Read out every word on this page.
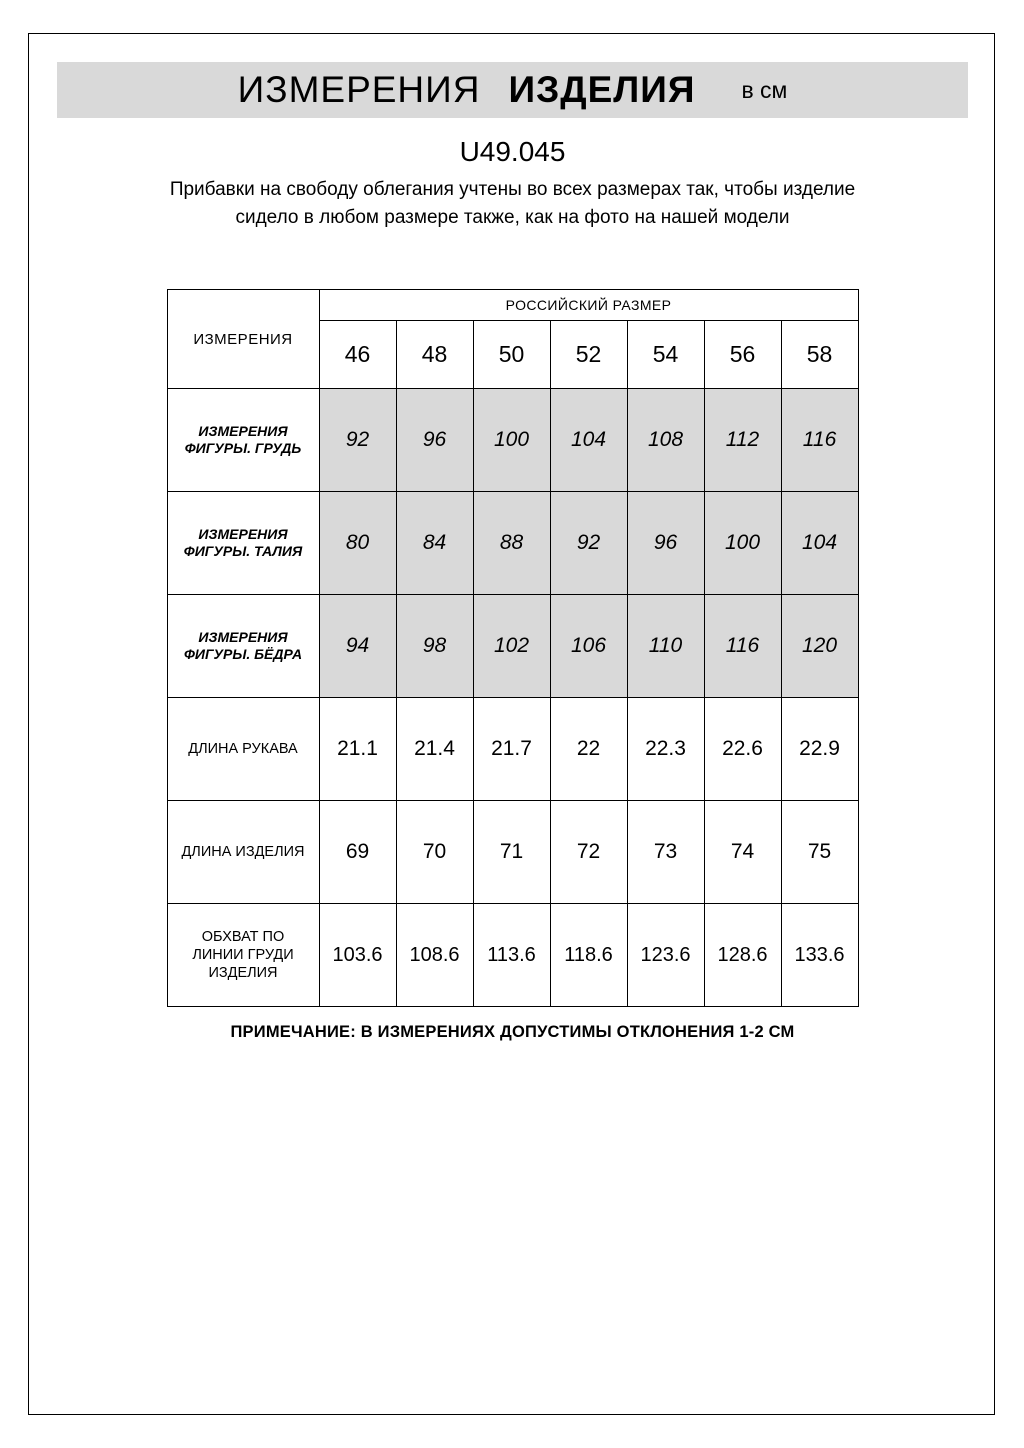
ИЗМЕРЕНИЯ ИЗДЕЛИЯ	в см
U49.045
Прибавки на свободу облегания учтены во всех размерах так, чтобы изделие сидело в любом размере также, как на фото на нашей модели
ИЗМЕРЕНИЯ	РОССИЙСКИЙ РАЗМЕР						
	46	48	50	52	54	56	58
ИЗМЕРЕНИЯ ФИГУРЫ. ГРУДЬ	92	96	100	104	108	112	116
ИЗМЕРЕНИЯ ФИГУРЫ. ТАЛИЯ	80	84	88	92	96	100	104
ИЗМЕРЕНИЯ ФИГУРЫ. БЁДРА	94	98	102	106	110	116	120
ДЛИНА РУКАВА	21.1	21.4	21.7	22	22.3	22.6	22.9
ДЛИНА ИЗДЕЛИЯ	69	70	71	72	73	74	75
ОБХВАТ ПО ЛИНИИ ГРУДИ ИЗДЕЛИЯ	103.6	108.6	113.6	118.6	123.6	128.6	133.6
ПРИМЕЧАНИЕ: В ИЗМЕРЕНИЯХ ДОПУСТИМЫ ОТКЛОНЕНИЯ 1-2 СМ
